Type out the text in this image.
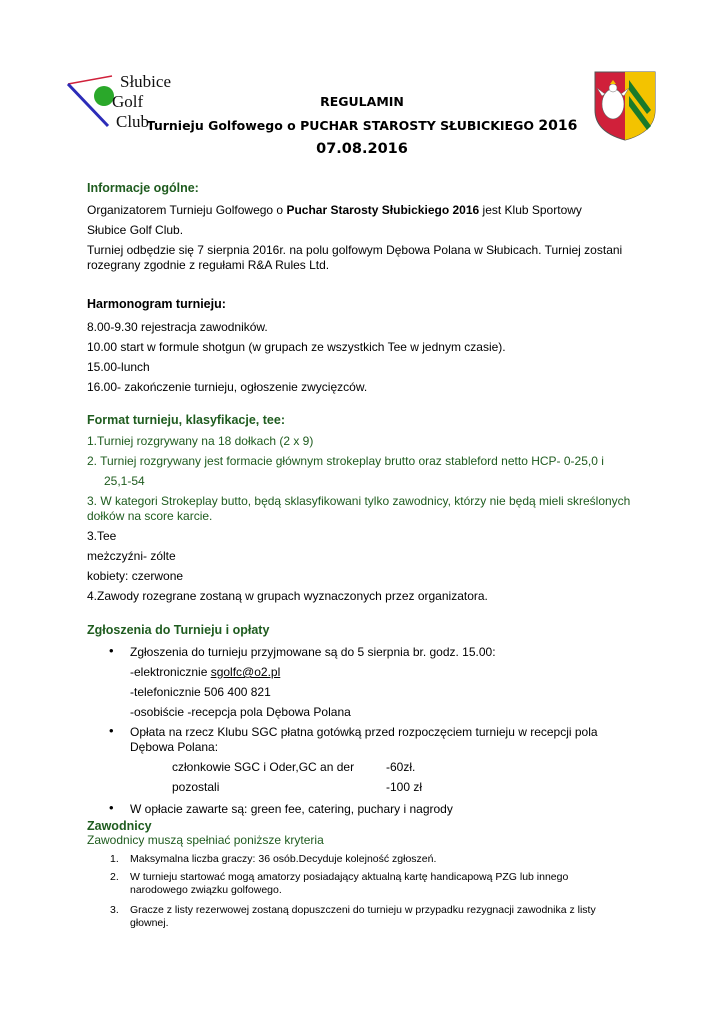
Słubice
Golf
Club
REGULAMIN
Turnieju Golfowego o PUCHAR STAROSTY SŁUBICKIEGO 2016
07.08.2016
Informacje ogólne:
Organizatorem Turnieju Golfowego o Puchar Starosty Słubickiego 2016 jest Klub Sportowy
Słubice Golf Club.
Turniej odbędzie się 7 sierpnia 2016r. na polu golfowym Dębowa Polana w Słubicach. Turniej zostani
rozegrany zgodnie z regułami R&A Rules Ltd.
Harmonogram turnieju:
8.00-9.30 rejestracja zawodników.
10.00 start w formule shotgun (w grupach ze wszystkich Tee w jednym czasie).
15.00-lunch
16.00- zakończenie turnieju, ogłoszenie zwycięzców.
Format turnieju, klasyfikacje, tee:
1.Turniej rozgrywany na 18 dołkach (2 x 9)
2. Turniej rozgrywany jest formacie głównym strokeplay brutto oraz stableford netto HCP- 0-25,0 i
25,1-54
3. W kategori Strokeplay butto, będą sklasyfikowani tylko zawodnicy, którzy nie będą mieli skreślonych
dołków na score karcie.
3.Tee
meżczyźni- zólte
kobiety: czerwone
4.Zawody rozegrane zostaną w grupach wyznaczonych przez organizatora.
Zgłoszenia do Turnieju i opłaty
• Zgłoszenia do turnieju przyjmowane są do 5 sierpnia br. godz. 15.00:
-elektronicznie sgolfc@o2.pl
-telefonicznie 506 400 821
-osobiście -recepcja pola Dębowa Polana
• Opłata na rzecz Klubu SGC płatna gotówką przed rozpoczęciem turnieju w recepcji pola
Dębowa Polana:
członkowie SGC i Oder,GC an der	-60zł.
pozostali	-100 zł
• W opłacie zawarte są: green fee, catering, puchary i nagrody
Zawodnicy
Zawodnicy muszą spełniać poniższe kryteria
1. Maksymalna liczba graczy: 36 osób.Decyduje kolejność zgłoszeń.
2. W turnieju startować mogą amatorzy posiadający aktualną kartę handicapową PZG lub innego
narodowego związku golfowego.
3. Gracze z listy rezerwowej zostaną dopuszczeni do turnieju w przypadku rezygnacji zawodnika z listy
głownej.
